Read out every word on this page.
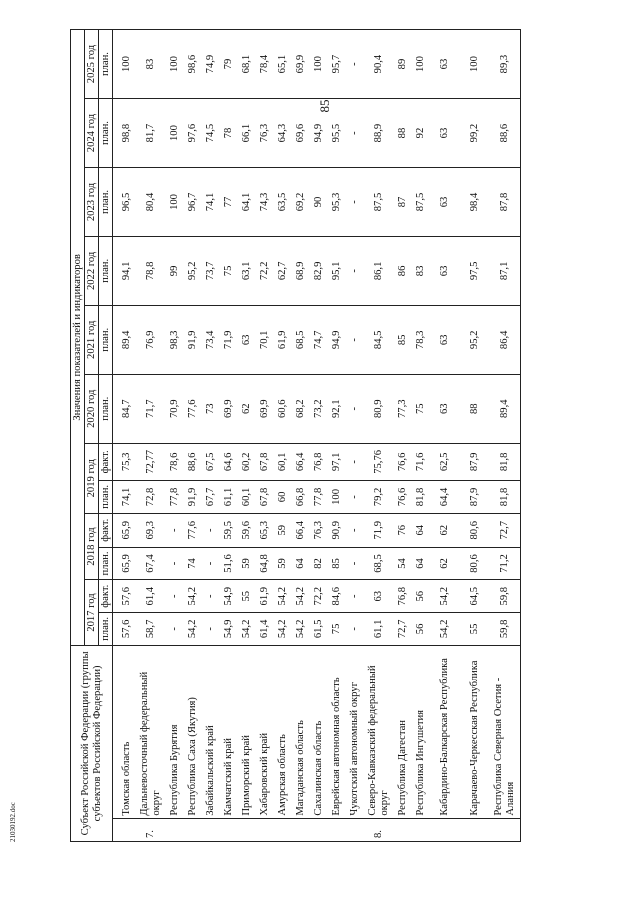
85
21030192.doc	Субъект Российской Федерации (группы субъектов Российской Федерации)		Значения показателей и индикаторов											
		2017 год		2018 год		2019 год		2020 год	2021 год	2022 год	2023 год	2024 год	2025 год
		план.	факт.	план.	факт.	план.	факт.	план.	план.	план.	план.	план.	план.
	Томская область	57,6	57,6	65,9	65,9	74,1	75,3	84,7	89,4	94,1	96,5	98,8	100
7.	Дальневосточный федеральный округ	58,7	61,4	67,4	69,3	72,8	72,77	71,7	76,9	78,8	80,4	81,7	83
	Республика Бурятия	-	-	-	-	77,8	78,6	70,9	98,3	99	100	100	100
	Республика Саха (Якутия)	54,2	54,2	74	77,6	91,9	88,6	77,6	91,9	95,2	96,7	97,6	98,6
	Забайкальский край	-	-	-	-	67,7	67,5	73	73,4	73,7	74,1	74,5	74,9
	Камчатский край	54,9	54,9	51,6	59,5	61,1	64,6	69,9	71,9	75	77	78	79
	Приморский край	54,2	55	59	59,6	60,1	60,2	62	63	63,1	64,1	66,1	68,1
	Хабаровский край	61,4	61,9	64,8	65,3	67,8	67,8	69,9	70,1	72,2	74,3	76,3	78,4
	Амурская область	54,2	54,2	59	59	60	60,1	60,6	61,9	62,7	63,5	64,3	65,1
	Магаданская область	54,2	54,2	64	66,4	66,8	66,4	68,2	68,5	68,9	69,2	69,6	69,9
	Сахалинская область	61,5	72,2	82	76,3	77,8	76,8	73,2	74,7	82,9	90	94,9	100
	Еврейская автономная область	75	84,6	85	90,9	100	97,1	92,1	94,9	95,1	95,3	95,5	95,7
	Чукотский автономный округ	-	-	-	-	-	-	-	-	-	-	-	-
8.	Северо-Кавказский федеральный округ	61,1	63	68,5	71,9	79,2	75,76	80,9	84,5	86,1	87,5	88,9	90,4
	Республика Дагестан	72,7	76,8	54	76	76,6	76,6	77,3	85	86	87	88	89
	Республика Ингушетия	56	56	64	64	81,8	71,6	75	78,3	83	87,5	92	100
	Кабардино-Балкарская Республика	54,2	54,2	62	62	64,4	62,5	63	63	63	63	63	63
	Карачаево-Черкесская Республика	55	64,5	80,6	80,6	87,9	87,9	88	95,2	97,5	98,4	99,2	100
	Республика Северная Осетия - Алания	59,8	59,8	71,2	72,7	81,8	81,8	89,4	86,4	87,1	87,8	88,6	89,3
